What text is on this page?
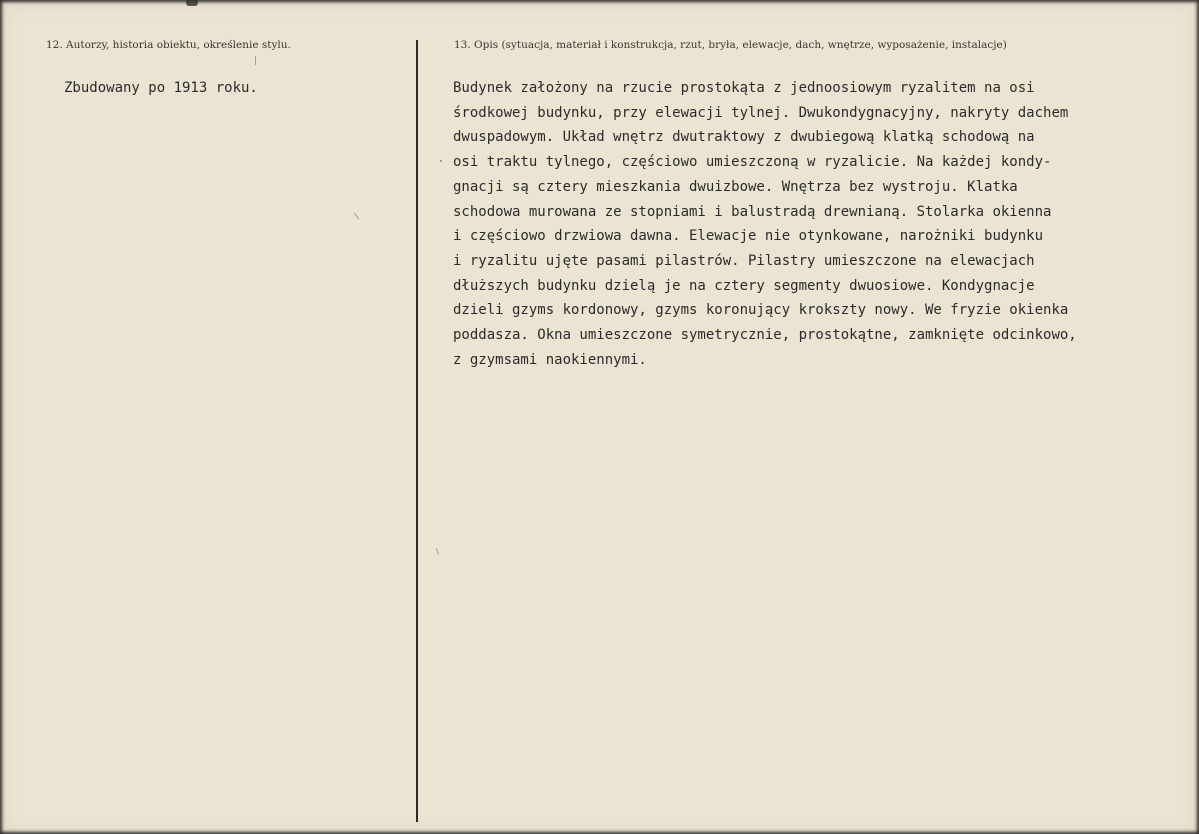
12. Autorzy, historia obiektu, określenie stylu.	13. Opis (sytuacja, materiał i konstrukcja, rzut, bryła, elewacje, dach, wnętrze, wyposażenie, instalacje)
Zbudowany po 1913 roku.	Budynek założony na rzucie prostokąta z jednoosiowym ryzalitem na osi
środkowej budynku, przy elewacji tylnej. Dwukondygnacyjny, nakryty dachem
dwuspadowym. Układ wnętrz dwutraktowy z dwubiegową klatką schodową na
osi traktu tylnego, częściowo umieszczoną w ryzalicie. Na każdej kondy-
gnacji są cztery mieszkania dwuizbowe. Wnętrza bez wystroju. Klatka
schodowa murowana ze stopniami i balustradą drewnianą. Stolarka okienna
i częściowo drzwiowa dawna. Elewacje nie otynkowane, narożniki budynku
i ryzalitu ujęte pasami pilastrów. Pilastry umieszczone na elewacjach
dłuższych budynku dzielą je na cztery segmenty dwuosiowe. Kondygnacje
dzieli gzyms kordonowy, gzyms koronujący krokszty nowy. We fryzie okienka
poddasza. Okna umieszczone symetrycznie, prostokątne, zamknięte odcinkowo,
z gzymsami naokiennymi.
